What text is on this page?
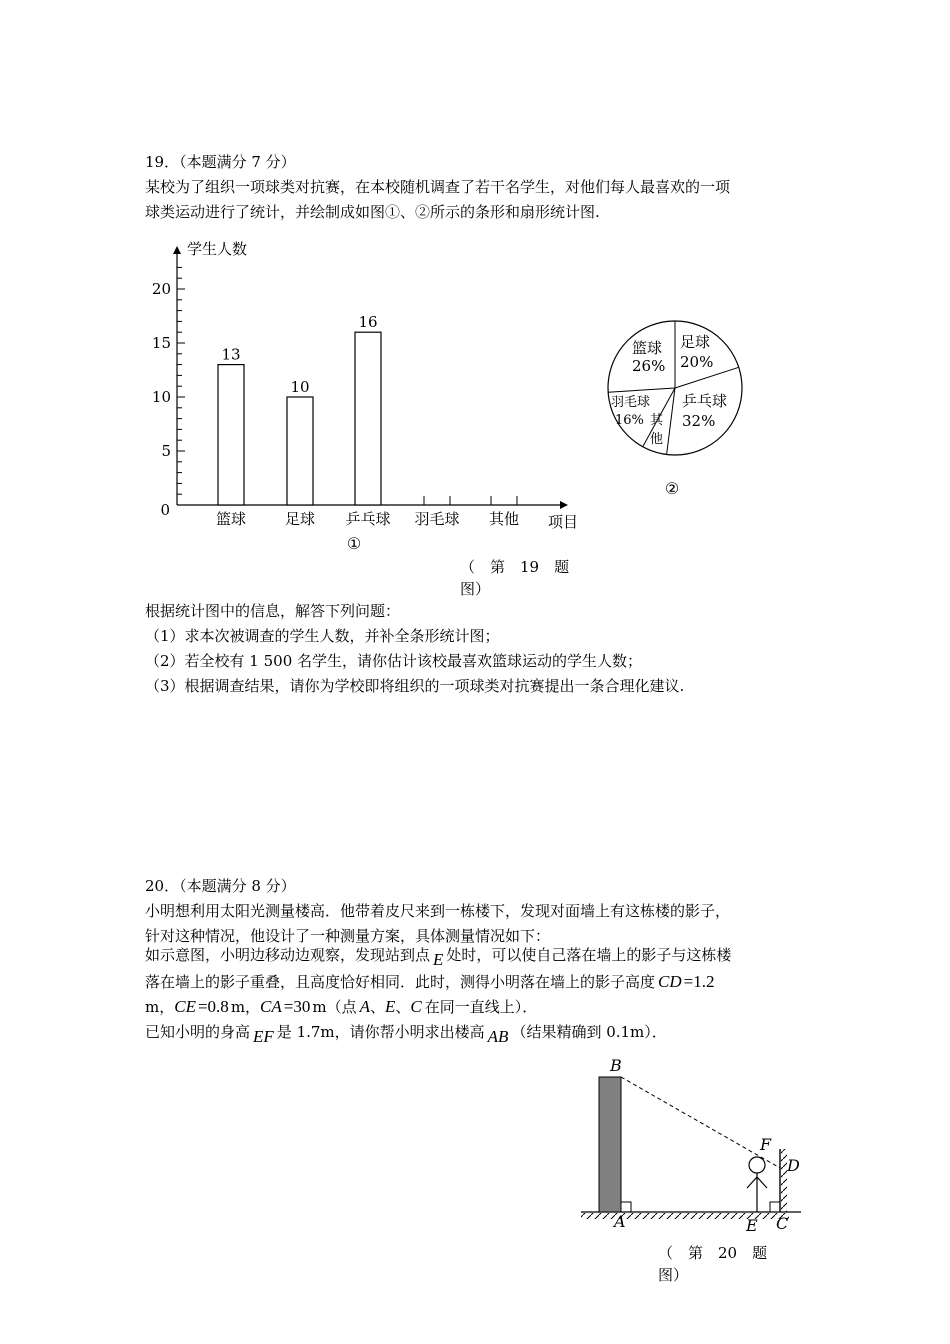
19．（本题满分 7 分）
某校为了组织一项球类对抗赛，在本校随机调查了若干名学生，对他们每人最喜欢的一项
球类运动进行了统计，并绘制成如图①、②所示的条形和扇形统计图.
5
10
15
20
0
学生人数
项目
13
篮球
10
足球
16
乒乓球 羽毛球 其他
①
足球
20%
乒乓球
32%
羽毛球
16%
篮球
26%
其
他
②
（　第　19　题
图）
根据统计图中的信息，解答下列问题：
（1）求本次被调查的学生人数，并补全条形统计图；
（2）若全校有 1 500 名学生，请你估计该校最喜欢篮球运动的学生人数；
（3）根据调查结果，请你为学校即将组织的一项球类对抗赛提出一条合理化建议.
20．（本题满分 8 分）
小明想利用太阳光测量楼高．他带着皮尺来到一栋楼下，发现对面墙上有这栋楼的影子，
针对这种情况，他设计了一种测量方案，具体测量情况如下：
如示意图，小明边移动边观察，发现站到点 E 处时，可以使自己落在墙上的影子与这栋楼
落在墙上的影子重叠，且高度恰好相同．此时，测得小明落在墙上的影子高度 CD =1.2
m，CE =0.8 m，CA =30 m（点 A、E、C 在同一直线上）．
已知小明的身高 EF 是 1.7m，请你帮小明求出楼高 AB （结果精确到 0.1m）．
B
F
D
A	E C
（　第　20　题
图）
